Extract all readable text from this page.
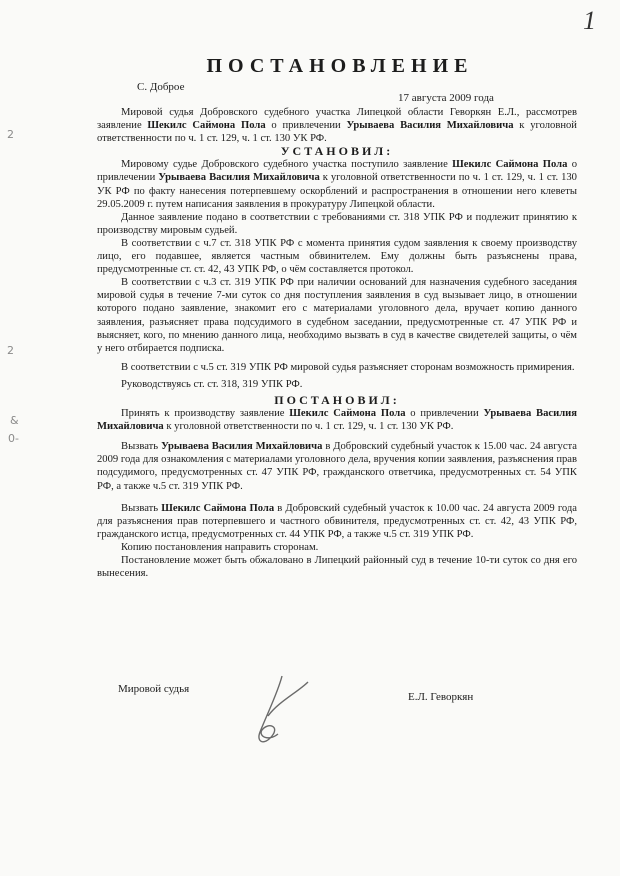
1
2
2
&
0-
ПОСТАНОВЛЕНИЕ
С. Доброе
17 августа 2009 года

Мировой судья Добровского судебного участка Липецкой области Геворкян Е.Л., рассмотрев заявление Шекилс Саймона Пола о привлечении Урываева Василия Михайловича к уголовной ответственности по ч. 1 ст. 129, ч. 1 ст. 130 УК РФ.

УСТАНОВИЛ:

Мировому судье Добровского судебного участка поступило заявление Шекилс Саймона Пола о привлечении Урываева Василия Михайловича к уголовной ответственности по ч. 1 ст. 129, ч. 1 ст. 130 УК РФ по факту нанесения потерпевшему оскорблений и распространения в отношении него клеветы 29.05.2009 г. путем написания заявления в прокуратуру Липецкой области.

Данное заявление подано в соответствии с требованиями ст. 318 УПК РФ и подлежит принятию к производству мировым судьей.

В соответствии с ч.7 ст. 318 УПК РФ с момента принятия судом заявления к своему производству лицо, его подавшее, является частным обвинителем. Ему должны быть разъяснены права, предусмотренные ст. ст. 42, 43 УПК РФ, о чём составляется протокол.

В соответствии с ч.3 ст. 319 УПК РФ при наличии оснований для назначения судебного заседания мировой судья в течение 7-ми суток со дня поступления заявления в суд вызывает лицо, в отношении которого подано заявление, знакомит его с материалами уголовного дела, вручает копию данного заявления, разъясняет права подсудимого в судебном заседании, предусмотренные ст. 47 УПК РФ и выясняет, кого, по мнению данного лица, необходимо вызвать в суд в качестве свидетелей защиты, о чём у него отбирается подписка.

В соответствии с ч.5 ст. 319 УПК РФ мировой судья разъясняет сторонам возможность примирения.

Руководствуясь ст. ст. 318, 319 УПК РФ.

ПОСТАНОВИЛ:

Принять к производству заявление Шекилс Саймона Пола о привлечении Урываева Василия Михайловича к уголовной ответственности по ч. 1 ст. 129, ч. 1 ст. 130 УК РФ.

Вызвать Урываева Василия Михайловича в Добровский судебный участок к 15.00 час. 24 августа 2009 года для ознакомления с материалами уголовного дела, вручения копии заявления, разъяснения прав подсудимого, предусмотренных ст. 47 УПК РФ, гражданского ответчика, предусмотренных ст. 54 УПК РФ, а также ч.5 ст. 319 УПК РФ.

Вызвать Шекилс Саймона Пола в Добровский судебный участок к 10.00 час. 24 августа 2009 года для разъяснения прав потерпевшего и частного обвинителя, предусмотренных ст. ст. 42, 43 УПК РФ, гражданского истца, предусмотренных ст. 44 УПК РФ, а также ч.5 ст. 319 УПК РФ.

Копию постановления направить сторонам.

Постановление может быть обжаловано в Липецкий районный суд в течение 10-ти суток со дня его вынесения.

Мировой судья
Е.Л. Геворкян
